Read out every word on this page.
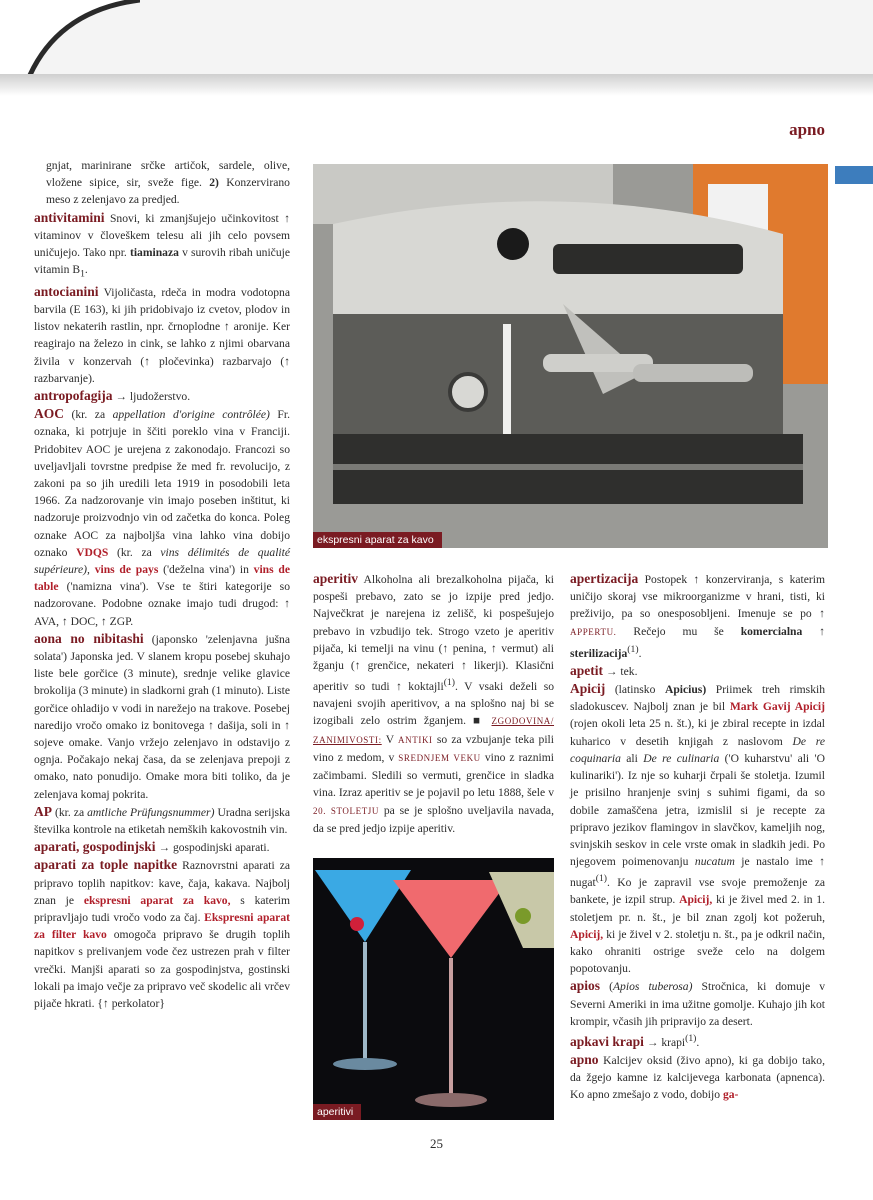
apno

gnjat, marinirane srčke artičok, sardele, olive, vložene sipice, sir, sveže fige. 2) Konzervirano meso z zelenjavo za predjed.

antivitamini Snovi, ki zmanjšujejo učinkovitost ↑ vitaminov v človeškem telesu ali jih celo povsem uničujejo. Tako npr. tiaminaza v surovih ribah uničuje vitamin $B_1$.

antocianini Vijoličasta, rdeča in modra vodotopna barvila (E 163), ki jih pridobivajo iz cvetov, plodov in listov nekaterih rastlin, npr. črnoplodne ↑ aronije. Ker reagirajo na železo in cink, se lahko z njimi obarvana živila v konzervah (↑ pločevinka) razbarvajo (↑ razbarvanje).

antropofagija → ljudožerstvo.

AOC (kr. za appellation d'origine contrôlée) Fr. oznaka, ki potrjuje in ščiti poreklo vina v Franciji. Pridobitev AOC je urejena z zakonodajo. Francozi so uveljavljali tovrstne predpise že med fr. revolucijo, z zakoni pa so jih uredili leta 1919 in posodobili leta 1966. Za nadzorovanje vin imajo poseben inštitut, ki nadzoruje proizvodnjo vin od začetka do konca. Poleg oznake AOC za najboljša vina lahko vina dobijo oznako VDQS (kr. za vins délimités de qualité supérieure), vins de pays ('deželna vina') in vins de table ('namizna vina'). Vse te štiri kategorije so nadzorovane. Podobne oznake imajo tudi drugod: ↑ AVA, ↑ DOC, ↑ ZGP.

aona no nibitashi (japonsko 'zelenjavna jušna solata') Japonska jed. V slanem kropu posebej skuhajo liste bele gorčice (3 minute), srednje velike glavice brokolija (3 minute) in sladkorni grah (1 minuto). Liste gorčice ohladijo v vodi in narežejo na trakove. Posebej naredijo vročo omako iz bonitovega ↑ dašija, soli in ↑ sojeve omake. Vanjo vržejo zelenjavo in odstavijo z ognja. Počakajo nekaj časa, da se zelenjava prepoji z omako, nato ponudijo. Omake mora biti toliko, da je zelenjava komaj pokrita.

AP (kr. za amtliche Prüfungsnummer) Uradna serijska številka kontrole na etiketah nemških kakovostnih vin.

aparati, gospodinjski → gospodinjski aparati.

aparati za tople napitke Raznovrstni aparati za pripravo toplih napitkov: kave, čaja, kakava. Najbolj znan je ekspresni aparat za kavo, s katerim pripravljajo tudi vročo vodo za čaj. Ekspresni aparat za filter kavo omogoča pripravo še drugih toplih napitkov s prelivanjem vode čez ustrezen prah v filter vrečki. Manjši aparati so za gospodinjstva, gostinski lokali pa imajo večje za pripravo več skodelic ali vrčev pijače hkrati. {↑ perkolator}

ekspresni aparat za kavo

aperitiv Alkoholna ali brezalkoholna pijača, ki pospeši prebavo, zato se jo izpije pred jedjo. Največkrat je narejena iz zelišč, ki pospešujejo prebavo in vzbudijo tek. Strogo vzeto je aperitiv pijača, ki temelji na vinu (↑ penina, ↑ vermut) ali žganju (↑ grenčice, nekateri ↑ likerji). Klasični aperitiv so tudi ↑ koktajli$^{(1)}$. V vsaki deželi so navajeni svojih aperitivov, a na splošno naj bi se izogibali zelo ostrim žganjem. ■ ZGODOVINA/ ZANIMIVOSTI: V ANTIKI so za vzbujanje teka pili vino z medom, v SREDNJEM VEKU vino z raznimi začimbami. Sledili so vermuti, grenčice in sladka vina. Izraz aperitiv se je pojavil po letu 1888, šele v 20. STOLETJU pa se je splošno uveljavila navada, da se pred jedjo izpije aperitiv.

aperitivi

apertizacija Postopek ↑ konzerviranja, s katerim uničijo skoraj vse mikroorganizme v hrani, tisti, ki preživijo, pa so onesposobljeni. Imenuje se po ↑ APPERTU. Rečejo mu še komercialna ↑ sterilizacija$^{(1)}$.

apetit → tek.

Apicij (latinsko Apicius) Priimek treh rimskih sladokuscev. Najbolj znan je bil Mark Gavij Apicij (rojen okoli leta 25 n. št.), ki je zbiral recepte in izdal kuharico v desetih knjigah z naslovom De re coquinaria ali De re culinaria ('O kuharstvu' ali 'O kulinariki'). Iz nje so kuharji črpali še stoletja. Izumil je prisilno hranjenje svinj s suhimi figami, da so dobile zamaščena jetra, izmislil si je recepte za pripravo jezikov flamingov in slavčkov, kameljih nog, svinjskih seskov in cele vrste omak in sladkih jedi. Po njegovem poimenovanju nucatum je nastalo ime ↑ nugat$^{(1)}$. Ko je zapravil vse svoje premoženje za bankete, je izpil strup. Apicij, ki je živel med 2. in 1. stoletjem pr. n. št., je bil znan zgolj kot požeruh, Apicij, ki je živel v 2. stoletju n. št., pa je odkril način, kako ohraniti ostrige sveže celo na dolgem popotovanju.

apios (Apios tuberosa) Stročnica, ki domuje v Severni Ameriki in ima užitne gomolje. Kuhajo jih kot krompir, včasih jih pripravijo za desert.

apkavi krapi → krapi$^{(1)}$.

apno Kalcijev oksid (živo apno), ki ga dobijo tako, da žgejo kamne iz kalcijevega karbonata (apnenca). Ko apno zmešajo z vodo, dobijo ga-

25
